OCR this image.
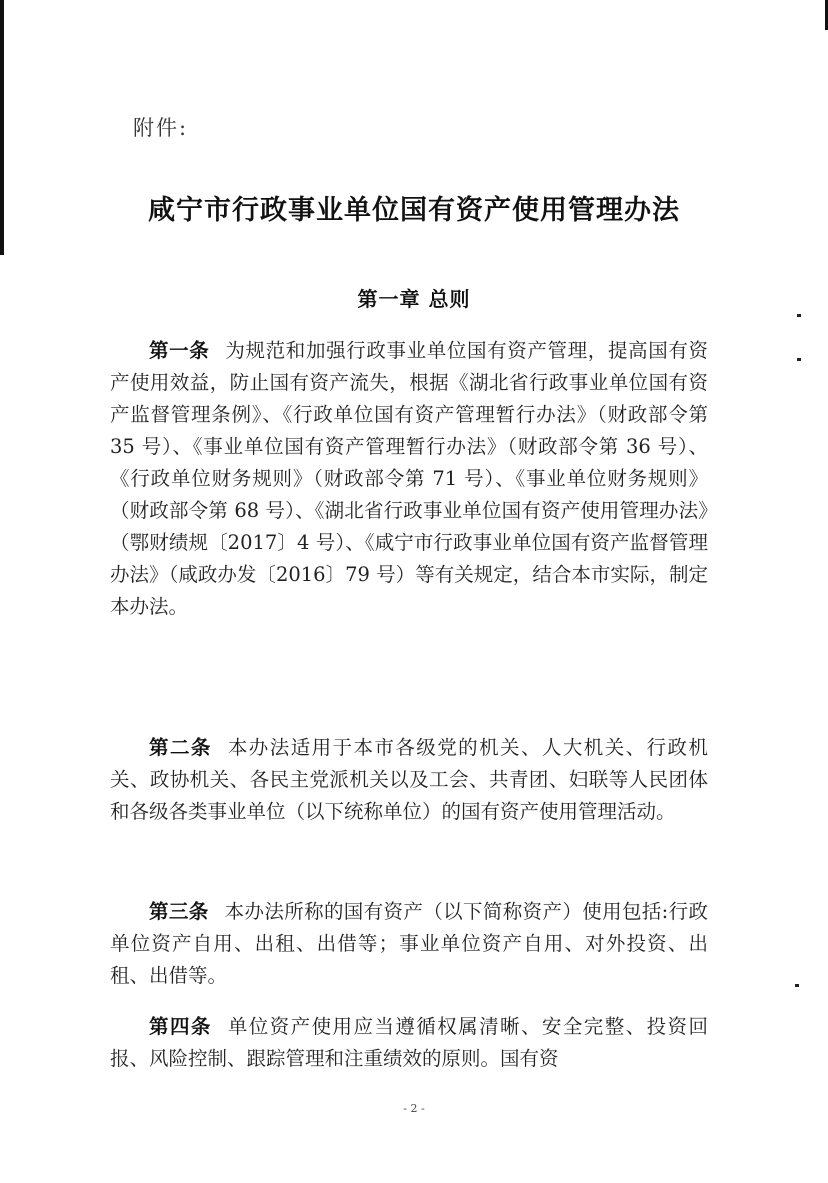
附件:
咸宁市行政事业单位国有资产使用管理办法
第一章 总则

第一条 为规范和加强行政事业单位国有资产管理，提高国有资产使用效益，防止国有资产流失，根据《湖北省行政事业单位国有资产监督管理条例》、《行政单位国有资产管理暂行办法》（财政部令第 35 号）、《事业单位国有资产管理暂行办法》（财政部令第 36 号）、《行政单位财务规则》（财政部令第 71 号）、《事业单位财务规则》（财政部令第 68 号）、《湖北省行政事业单位国有资产使用管理办法》（鄂财绩规〔2017〕4 号）、《咸宁市行政事业单位国有资产监督管理办法》（咸政办发〔2016〕79 号）等有关规定，结合本市实际，制定本办法。

第二条 本办法适用于本市各级党的机关、人大机关、行政机关、政协机关、各民主党派机关以及工会、共青团、妇联等人民团体和各级各类事业单位（以下统称单位）的国有资产使用管理活动。

第三条 本办法所称的国有资产（以下简称资产）使用包括:行政单位资产自用、出租、出借等；事业单位资产自用、对外投资、出租、出借等。

第四条 单位资产使用应当遵循权属清晰、安全完整、投资回报、风险控制、跟踪管理和注重绩效的原则。国有资

- 2 -
